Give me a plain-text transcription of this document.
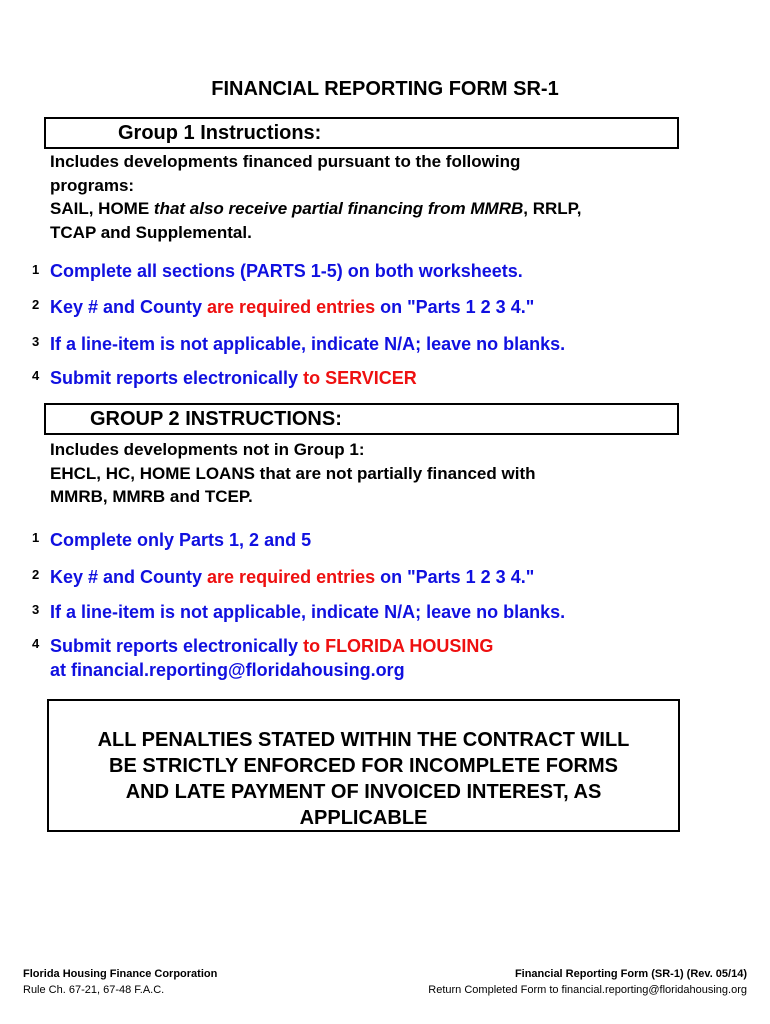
FINANCIAL REPORTING FORM SR-1
Group 1 Instructions:
Includes developments financed pursuant to the following
programs:
SAIL, HOME that also receive partial financing from MMRB, RRLP,
TCAP and Supplemental.
1 Complete all sections (PARTS 1-5) on both worksheets.
2 Key # and County are required entries on "Parts 1 2 3 4."
3 If a line-item is not applicable, indicate N/A; leave no blanks.
4 Submit reports electronically to SERVICER
GROUP 2 INSTRUCTIONS:
Includes developments not in Group 1:
EHCL, HC, HOME LOANS that are not partially financed with
MMRB, MMRB and TCEP.
1 Complete only Parts 1, 2 and 5
2 Key # and County are required entries on "Parts 1 2 3 4."
3 If a line-item is not applicable, indicate N/A; leave no blanks.
4 Submit reports electronically to FLORIDA HOUSING
at financial.reporting@floridahousing.org
ALL PENALTIES STATED WITHIN THE CONTRACT WILL
BE STRICTLY ENFORCED FOR INCOMPLETE FORMS
AND LATE PAYMENT OF INVOICED INTEREST, AS
APPLICABLE
Florida Housing Finance Corporation
Rule Ch. 67-21, 67-48 F.A.C.
Financial Reporting Form (SR-1) (Rev. 05/14)
Return Completed Form to financial.reporting@floridahousing.org
